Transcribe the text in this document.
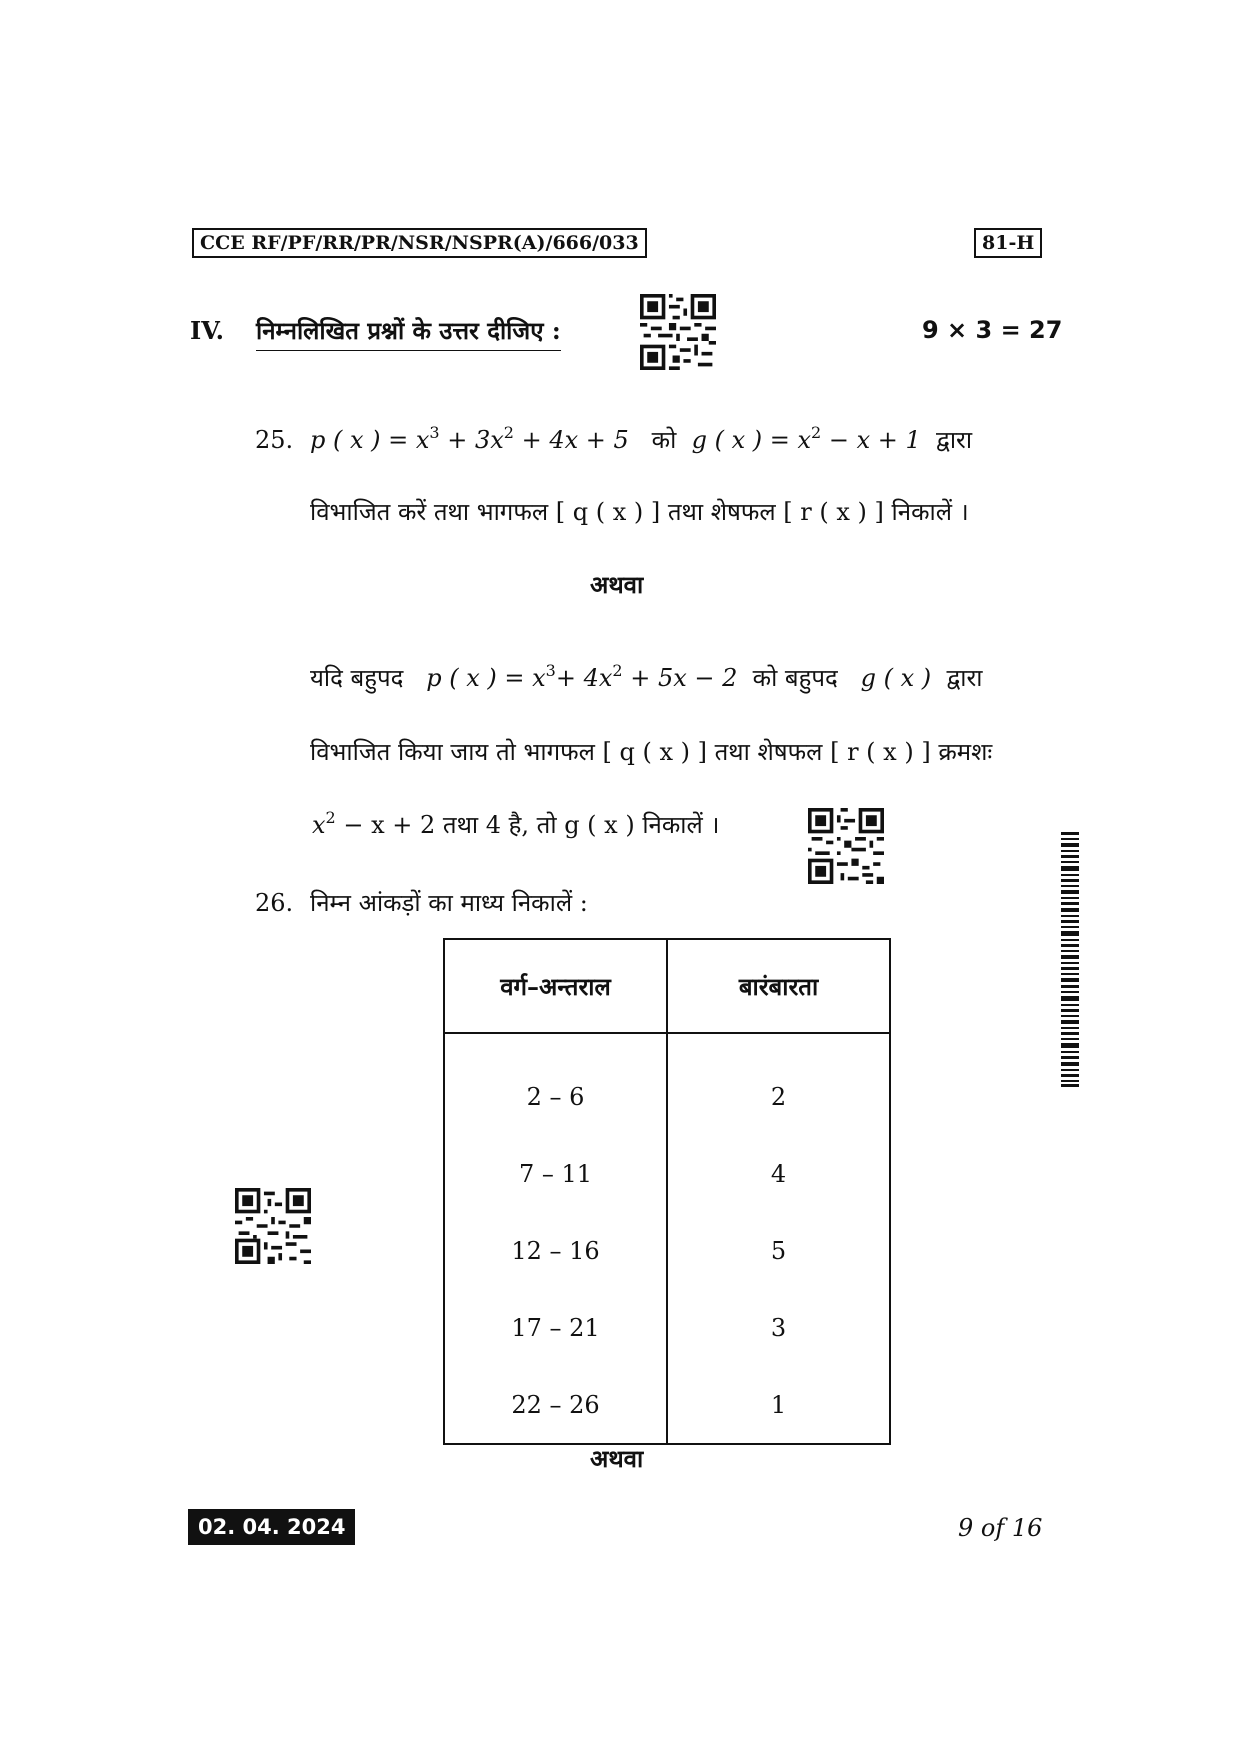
CCE RF/PF/RR/PR/NSR/NSPR(A)/666/033	81-H
IV. निम्नलिखित प्रश्नों के उत्तर दीजिए :	9 × 3 = 27
25. p ( x ) = $x^3 + 3x^2 + 4x + 5$ को g ( x ) = $x^2 - x + 1$ द्वारा
विभाजित करें तथा भागफल [ q ( x ) ] तथा शेषफल [ r ( x ) ] निकालें ।
अथवा
यदि बहुपद p ( x ) = $x^3+ 4x^2 + 5x - 2$ को बहुपद g ( x ) द्वारा
विभाजित किया जाय तो भागफल [ q ( x ) ] तथा शेषफल [ r ( x ) ] क्रमशः
$x^2 - x + 2$ तथा 4 है, तो g ( x ) निकालें ।
26. निम्न आंकड़ों का माध्य निकालें :
वर्ग–अन्तराल	बारंबारता
2 – 6	2
7 – 11	4
12 – 16	5
17 – 21	3
22 – 26	1
अथवा
02. 04. 2024	9 of 16
